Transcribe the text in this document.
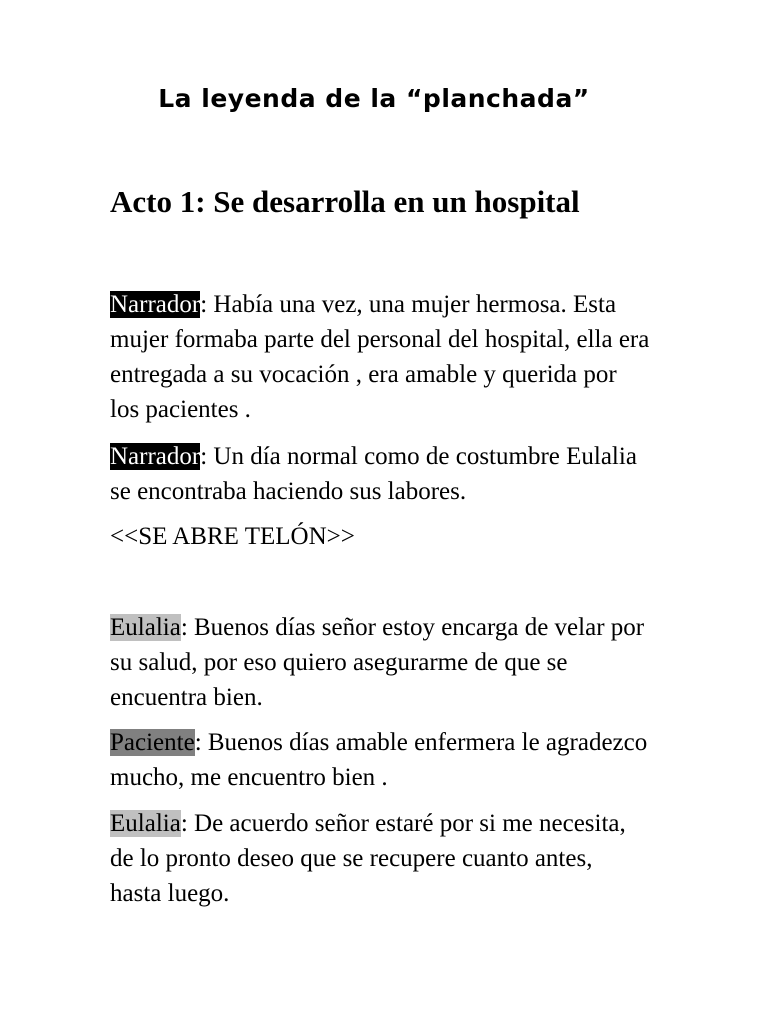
La leyenda de la “planchada”
Acto 1: Se desarrolla en un hospital

Narrador: Había una vez, una mujer hermosa. Esta mujer formaba parte del personal del hospital, ella era entregada a su vocación , era amable y querida por los pacientes .

Narrador: Un día normal como de costumbre Eulalia se encontraba haciendo sus labores.

<<SE ABRE TELÓN>>

Eulalia: Buenos días señor estoy encarga de velar por su salud, por eso quiero asegurarme de que se encuentra bien.

Paciente: Buenos días amable enfermera le agradezco mucho, me encuentro bien .

Eulalia: De acuerdo señor estaré por si me necesita, de lo pronto deseo que se recupere cuanto antes, hasta luego.
